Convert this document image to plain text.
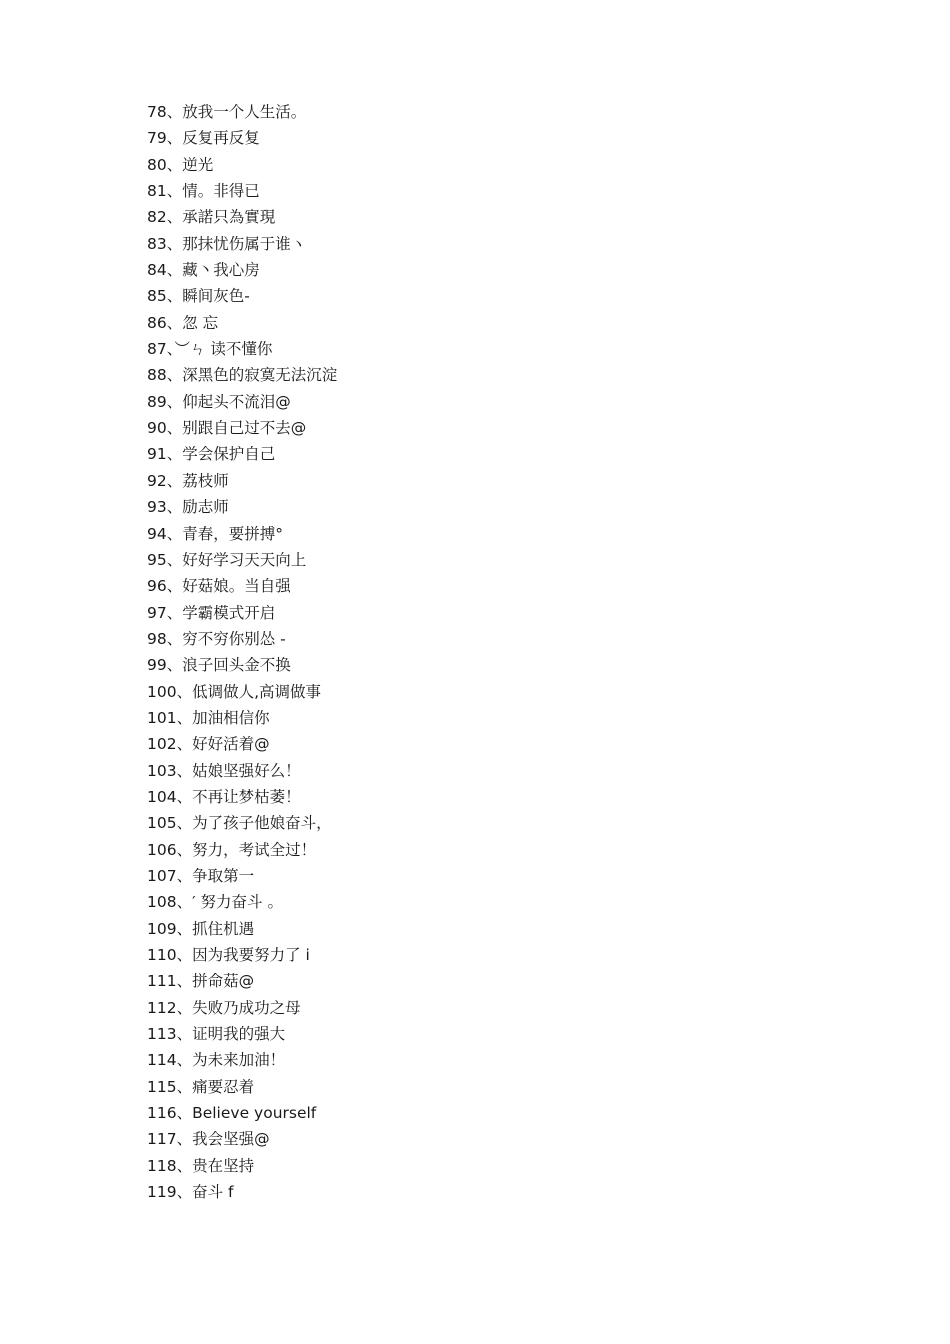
78、放我一个人生活。
79、反复再反复
80、逆光
81、情。非得已
82、承諾只為實現
83、那抹忧伤属于谁ヽ
84、藏丶我心房
85、瞬间灰色-
86、忽 忘
87、︶ㄣ 读不懂你
88、深黑色的寂寞无法沉淀
89、仰起头不流泪@
90、别跟自己过不去@
91、学会保护自己
92、荔枝师
93、励志师
94、青春，要拼搏°
95、好好学习天天向上
96、好菇娘。当自强
97、学霸模式开启
98、穷不穷你别怂 -
99、浪子回头金不换
100、低调做人,高调做事
101、加油相信你
102、好好活着@
103、姑娘坚强好么！
104、不再让梦枯萎！
105、为了孩子他娘奋斗，
106、努力，考试全过！
107、争取第一
108、′ 努力奋斗 。
109、抓住机遇
110、因为我要努力了 i
111、拼命菇@
112、失败乃成功之母
113、证明我的强大
114、为未来加油！
115、痛要忍着
116、Believe yourself
117、我会坚强@
118、贵在坚持
119、奋斗 f
